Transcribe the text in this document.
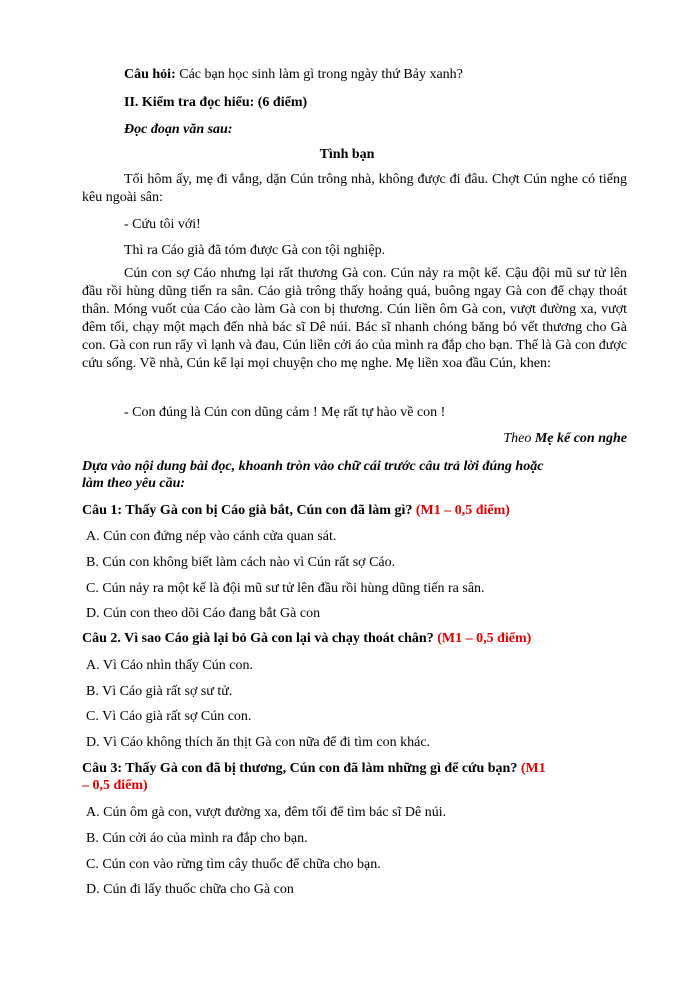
Câu hỏi: Các bạn học sinh làm gì trong ngày thứ Bảy xanh?
II. Kiểm tra đọc hiểu: (6 điểm)
Đọc đoạn văn sau:
Tình bạn
Tối hôm ấy, mẹ đi vắng, dặn Cún trông nhà, không được đi đâu. Chợt Cún nghe có tiếng kêu ngoài sân:
- Cứu tôi với!
Thì ra Cáo già đã tóm được Gà con tội nghiệp.
Cún con sợ Cáo nhưng lại rất thương Gà con. Cún nảy ra một kế. Cậu đội mũ sư tử lên đầu rồi hùng dũng tiến ra sân. Cáo già trông thấy hoảng quá, buông ngay Gà con để chạy thoát thân. Móng vuốt của Cáo cào làm Gà con bị thương. Cún liền ôm Gà con, vượt đường xa, vượt đêm tối, chạy một mạch đến nhà bác sĩ Dê núi. Bác sĩ nhanh chóng băng bó vết thương cho Gà con. Gà con run rẩy vì lạnh và đau, Cún liền cởi áo của mình ra đắp cho bạn. Thế là Gà con được cứu sống. Về nhà, Cún kể lại mọi chuyện cho mẹ nghe. Mẹ liền xoa đầu Cún, khen:
- Con đúng là Cún con dũng cảm ! Mẹ rất tự hào về con !
Theo Mẹ kể con nghe
Dựa vào nội dung bài đọc, khoanh tròn vào chữ cái trước câu trả lời đúng hoặc
làm theo yêu cầu:
Câu 1: Thấy Gà con bị Cáo già bắt, Cún con đã làm gì? (M1 – 0,5 điểm)
A. Cún con đứng nép vào cánh cửa quan sát.
B. Cún con không biết làm cách nào vì Cún rất sợ Cáo.
C. Cún nảy ra một kế là đội mũ sư tử lên đầu rồi hùng dũng tiến ra sân.
D. Cún con theo dõi Cáo đang bắt Gà con
Câu 2. Vì sao Cáo già lại bỏ Gà con lại và chạy thoát chân? (M1 – 0,5 điểm)
A. Vì Cáo nhìn thấy Cún con.
B. Vì Cáo già rất sợ sư tử.
C. Vì Cáo già rất sợ Cún con.
D. Vì Cáo không thích ăn thịt Gà con nữa để đi tìm con khác.
Câu 3: Thấy Gà con đã bị thương, Cún con đã làm những gì để cứu bạn? (M1
– 0,5 điểm)
A. Cún ôm gà con, vượt đường xa, đêm tối để tìm bác sĩ Dê núi.
B. Cún cởi áo của mình ra đắp cho bạn.
C. Cún con vào rừng tìm cây thuốc để chữa cho bạn.
D. Cún đi lấy thuốc chữa cho Gà con
